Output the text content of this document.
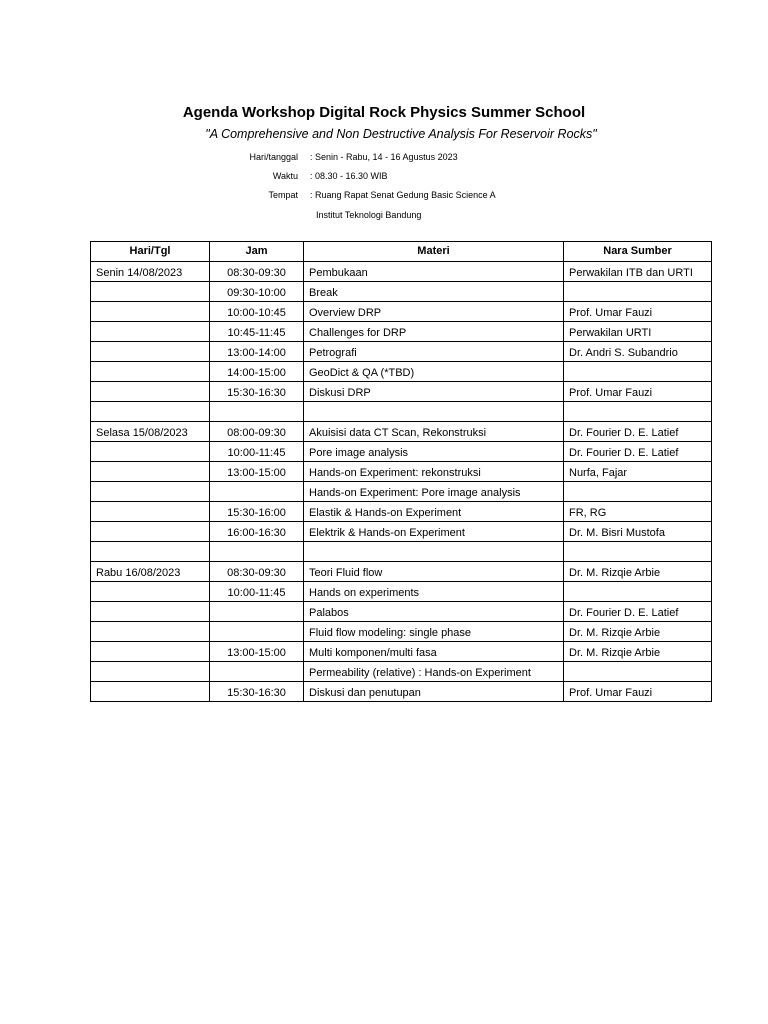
Agenda Workshop Digital Rock Physics Summer School
"A Comprehensive and Non Destructive Analysis For Reservoir Rocks"
Hari/tanggal : Senin - Rabu, 14 - 16 Agustus 2023
Waktu : 08.30 - 16.30 WIB
Tempat : Ruang Rapat Senat Gedung Basic Science A
Institut Teknologi Bandung
Hari/Tgl	Jam	Materi	Nara Sumber
Senin 14/08/2023	08:30-09:30	Pembukaan	Perwakilan ITB dan URTI
	09:30-10:00	Break	
	10:00-10:45	Overview DRP	Prof. Umar Fauzi
	10:45-11:45	Challenges for DRP	Perwakilan URTI
	13:00-14:00	Petrografi	Dr. Andri S. Subandrio
	14:00-15:00	GeoDict & QA (*TBD)	
	15:30-16:30	Diskusi DRP	Prof. Umar Fauzi

Selasa 15/08/2023	08:00-09:30	Akuisisi data CT Scan, Rekonstruksi	Dr. Fourier D. E. Latief
	10:00-11:45	Pore image analysis	Dr. Fourier D. E. Latief
	13:00-15:00	Hands-on Experiment: rekonstruksi	Nurfa, Fajar
		Hands-on Experiment: Pore image analysis	
	15:30-16:00	Elastik & Hands-on Experiment	FR, RG
	16:00-16:30	Elektrik & Hands-on Experiment	Dr. M. Bisri Mustofa

Rabu 16/08/2023	08:30-09:30	Teori Fluid flow	Dr. M. Rizqie Arbie
	10:00-11:45	Hands on experiments	
		Palabos	Dr. Fourier D. E. Latief
		Fluid flow modeling: single phase	Dr. M. Rizqie Arbie
	13:00-15:00	Multi komponen/multi fasa	Dr. M. Rizqie Arbie
		Permeability (relative) : Hands-on Experiment	
	15:30-16:30	Diskusi dan penutupan	Prof. Umar Fauzi
